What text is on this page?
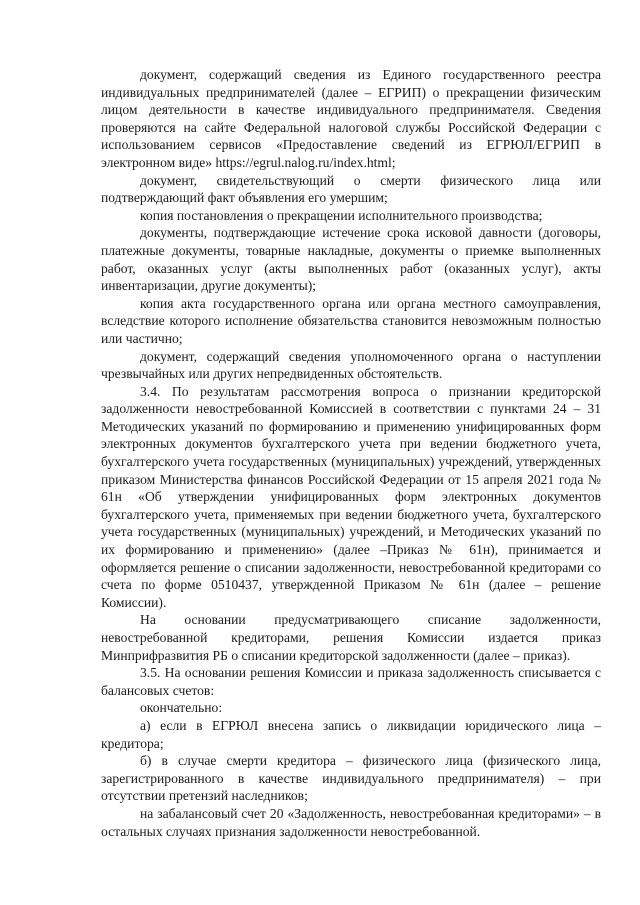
документ, содержащий сведения из Единого государственного реестра индивидуальных предпринимателей (далее – ЕГРИП) о прекращении физическим лицом деятельности в качестве индивидуального предпринимателя. Сведения проверяются на сайте Федеральной налоговой службы Российской Федерации с использованием сервисов «Предоставление сведений из ЕГРЮЛ/ЕГРИП в электронном виде» https://egrul.nalog.ru/index.html;

документ, свидетельствующий о смерти физического лица или подтверждающий факт объявления его умершим;

копия постановления о прекращении исполнительного производства;

документы, подтверждающие истечение срока исковой давности (договоры, платежные документы, товарные накладные, документы о приемке выполненных работ, оказанных услуг (акты выполненных работ (оказанных услуг), акты инвентаризации, другие документы);

копия акта государственного органа или органа местного самоуправления, вследствие которого исполнение обязательства становится невозможным полностью или частично;

документ, содержащий сведения уполномоченного органа о наступлении чрезвычайных или других непредвиденных обстоятельств.

3.4. По результатам рассмотрения вопроса о признании кредиторской задолженности невостребованной Комиссией в соответствии с пунктами 24 – 31 Методических указаний по формированию и применению унифицированных форм электронных документов бухгалтерского учета при ведении бюджетного учета, бухгалтерского учета государственных (муниципальных) учреждений, утвержденных приказом Министерства финансов Российской Федерации от 15 апреля 2021 года № 61н «Об утверждении унифицированных форм электронных документов бухгалтерского учета, применяемых при ведении бюджетного учета, бухгалтерского учета государственных (муниципальных) учреждений, и Методических указаний по их формированию и применению» (далее –Приказ № 61н), принимается и оформляется решение о списании задолженности, невостребованной кредиторами со счета по форме 0510437, утвержденной Приказом № 61н (далее – решение Комиссии).

На основании предусматривающего списание задолженности, невостребованной кредиторами, решения Комиссии издается приказ Минприфразвития РБ о списании кредиторской задолженности (далее – приказ).

3.5. На основании решения Комиссии и приказа задолженность списывается с балансовых счетов:

окончательно:

а) если в ЕГРЮЛ внесена запись о ликвидации юридического лица – кредитора;

б) в случае смерти кредитора – физического лица (физического лица, зарегистрированного в качестве индивидуального предпринимателя) – при отсутствии претензий наследников;

на забалансовый счет 20 «Задолженность, невостребованная кредиторами» – в остальных случаях признания задолженности невостребованной.
